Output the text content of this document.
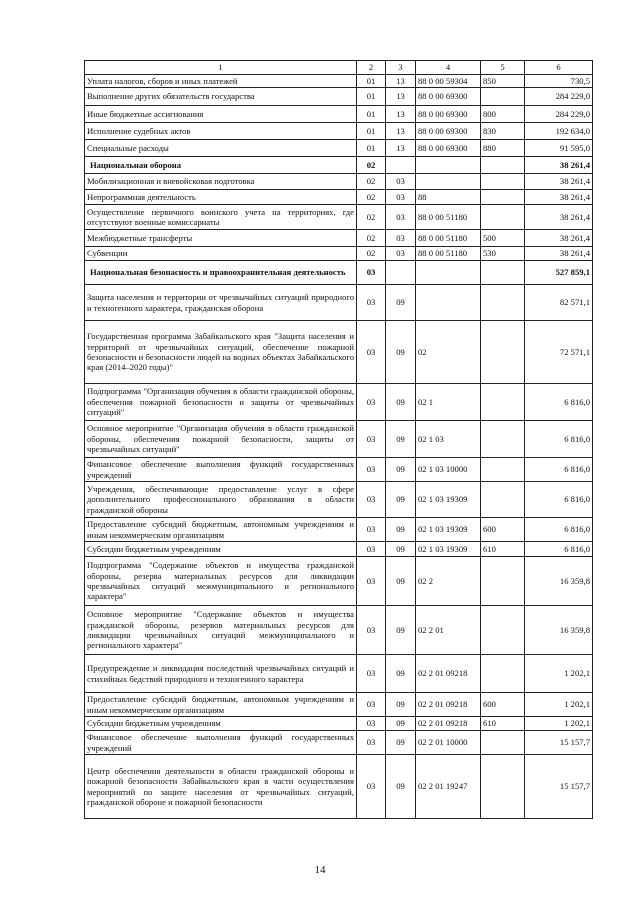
1	2	3	4	5	6
Уплата налогов, сборов и иных платежей	01	13	88 0 00 59304	850	730,5
Выполнение других обязательств государства	01	13	88 0 00 69300		284 229,0
Иные бюджетные ассигнования	01	13	88 0 00 69300	800	284 229,0
Исполнение судебных актов	01	13	88 0 00 69300	830	192 634,0
Специальные расходы	01	13	88 0 00 69300	880	91 595,0
Национальная оборона	02				38 261,4
Мобилизационная и вневойсковая подготовка	02	03			38 261,4
Непрограммная деятельность	02	03	88		38 261,4
Осуществление первичного воинского учета на территориях, где отсутствуют военные комиссариаты	02	03	88 0 00 51180		38 261,4
Межбюджетные трансферты	02	03	88 0 00 51180	500	38 261,4
Субвенции	02	03	88 0 00 51180	530	38 261,4
Национальная безопасность и правоохранительная деятельность	03				527 859,1
Защита населения и территории от чрезвычайных ситуаций природного и техногенного характера, гражданская оборона	03	09			82 571,1
Государственная программа Забайкальского края "Защита населения и территорий от чрезвычайных ситуаций, обеспечение пожарной безопасности и безопасности людей на водных объектах Забайкальского края (2014–2020 годы)"	03	09	02		72 571,1
Подпрограмма "Организация обучения в области гражданской обороны, обеспечения пожарной безопасности и защиты от чрезвычайных ситуаций"	03	09	02 1		6 816,0
Основное мероприятие "Организация обучения в области гражданской обороны, обеспечения пожарной безопасности, защиты от чрезвычайных ситуаций"	03	09	02 1 03		6 816,0
Финансовое обеспечение выполнения функций государственных учреждений	03	09	02 1 03 10000		6 816,0
Учреждения, обеспечивающие предоставление услуг в сфере дополнительного профессионального образования в области гражданской обороны	03	09	02 1 03 19309		6 816,0
Предоставление субсидий бюджетным, автономным учреждениям и иным некоммерческим организациям	03	09	02 1 03 19309	600	6 816,0
Субсидии бюджетным учреждениям	03	09	02 1 03 19309	610	6 816,0
Подпрограмма "Содержание объектов и имущества гражданской обороны, резерва материальных ресурсов для ликвидации чрезвычайных ситуаций межмуниципального и регионального характера"	03	09	02 2		16 359,8
Основное мероприятие "Содержание объектов и имущества гражданской обороны, резервов материальных ресурсов для ликвидации чрезвычайных ситуаций межмуниципального и регионального характера"	03	09	02 2 01		16 359,8
Предупреждение и ликвидация последствий чрезвычайных ситуаций и стихийных бедствий природного и техногенного характера	03	09	02 2 01 09218		1 202,1
Предоставление субсидий бюджетным, автономным учреждениям и иным некоммерческим организациям	03	09	02 2 01 09218	600	1 202,1
Субсидии бюджетным учреждениям	03	09	02 2 01 09218	610	1 202,1
Финансовое обеспечение выполнения функций государственных учреждений	03	09	02 2 01 10000		15 157,7
Центр обеспечения деятельности в области гражданской обороны и пожарной безопасности Забайкальского края в части осуществления мероприятий по защите населения от чрезвычайных ситуаций, гражданской обороне и пожарной безопасности	03	09	02 2 01 19247		15 157,7
14
